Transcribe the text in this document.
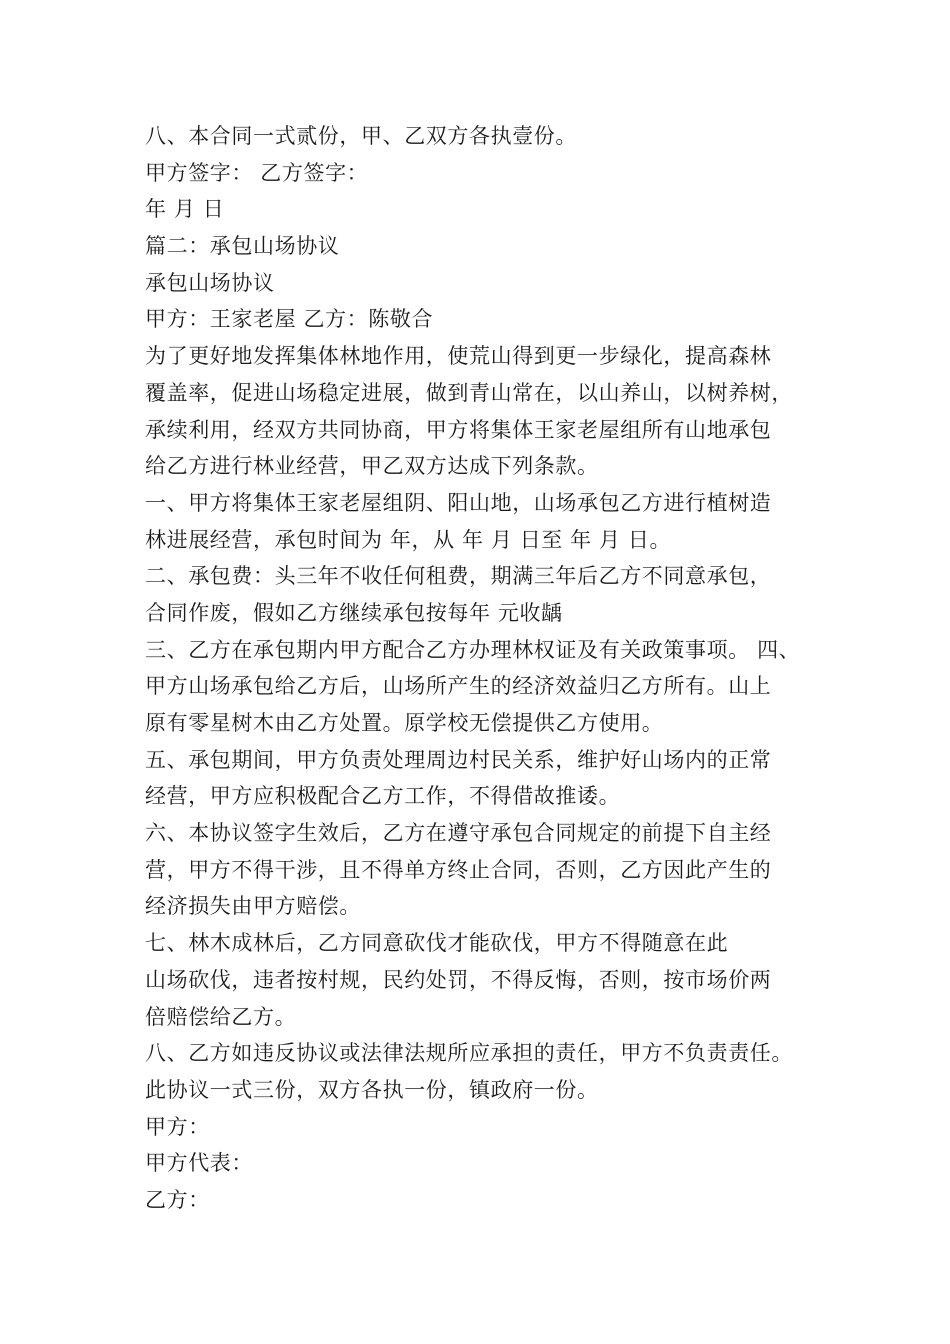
八、本合同一式贰份，甲、乙双方各执壹份。
甲方签字： 乙方签字：
年 月 日
篇二：承包山场协议
承包山场协议
甲方：王家老屋 乙方：陈敬合
为了更好地发挥集体林地作用，使荒山得到更一步绿化，提高森林
覆盖率，促进山场稳定进展，做到青山常在，以山养山，以树养树，
承续利用，经双方共同协商，甲方将集体王家老屋组所有山地承包
给乙方进行林业经营，甲乙双方达成下列条款。
一、甲方将集体王家老屋组阴、阳山地，山场承包乙方进行植树造
林进展经营，承包时间为 年，从 年 月 日至 年 月 日。
二、承包费：头三年不收任何租费，期满三年后乙方不同意承包，
合同作废，假如乙方继续承包按每年 元收龋
三、乙方在承包期内甲方配合乙方办理林权证及有关政策事项。 四、
甲方山场承包给乙方后，山场所产生的经济效益归乙方所有。山上
原有零星树木由乙方处置。原学校无偿提供乙方使用。
五、承包期间，甲方负责处理周边村民关系，维护好山场内的正常
经营，甲方应积极配合乙方工作，不得借故推诿。
六、本协议签字生效后，乙方在遵守承包合同规定的前提下自主经
营，甲方不得干涉，且不得单方终止合同，否则，乙方因此产生的
经济损失由甲方赔偿。
七、林木成林后，乙方同意砍伐才能砍伐，甲方不得随意在此
山场砍伐，违者按村规，民约处罚，不得反悔，否则，按市场价两
倍赔偿给乙方。
八、乙方如违反协议或法律法规所应承担的责任，甲方不负责责任。
此协议一式三份，双方各执一份，镇政府一份。
甲方：
甲方代表：
乙方：
